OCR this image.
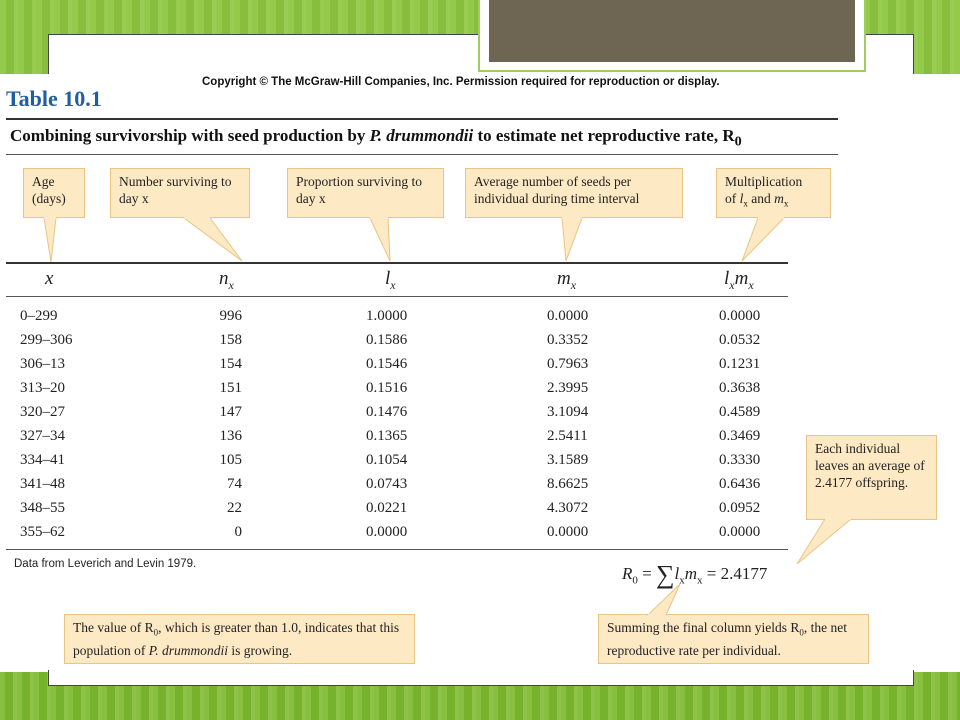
Copyright © The McGraw-Hill Companies, Inc. Permission required for reproduction or display.
Table 10.1
Combining survivorship with seed production by P. drummondii to estimate net reproductive rate, $R_0$
Age (days)
Number surviving to day x
Proportion surviving to day x
Average number of seeds per individual during time interval
Multiplication
of $l_x$ and $m_x$
Each individual leaves an average of 2.4177 offspring.
The value of $R_0$, which is greater than 1.0, indicates that this population of P. drummondii is growing.
Summing the final column yields $R_0$, the net reproductive rate per individual.
x	$n_x$	$l_x$	$m_x$	$l_xm_x$
0–299	996	1.0000	0.0000	0.0000
299–306	158	0.1586	0.3352	0.0532
306–13	154	0.1546	0.7963	0.1231
313–20	151	0.1516	2.3995	0.3638
320–27	147	0.1476	3.1094	0.4589
327–34	136	0.1365	2.5411	0.3469
334–41	105	0.1054	3.1589	0.3330
341–48	74	0.0743	8.6625	0.6436
348–55	22	0.0221	4.3072	0.0952
355–62	0	0.0000	0.0000	0.0000
Data from Leverich and Levin 1979.	$R_0 = \sum l_xm_x = 2.4177$
